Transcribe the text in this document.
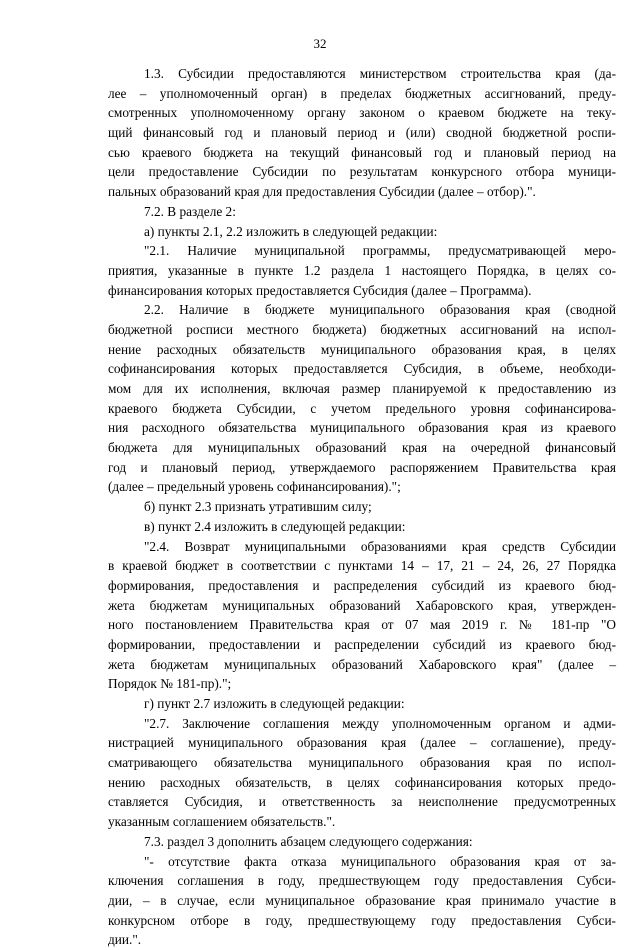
32
1.3. Субсидии предоставляются министерством строительства края (да-
лее – уполномоченный орган) в пределах бюджетных ассигнований, преду-
смотренных уполномоченному органу законом о краевом бюджете на теку-
щий финансовый год и плановый период и (или) сводной бюджетной роспи-
сью краевого бюджета на текущий финансовый год и плановый период на
цели предоставление Субсидии по результатам конкурсного отбора муници-
пальных образований края для предоставления Субсидии (далее – отбор).".
7.2. В разделе 2:
а) пункты 2.1, 2.2 изложить в следующей редакции:
"2.1. Наличие муниципальной программы, предусматривающей меро-
приятия, указанные в пункте 1.2 раздела 1 настоящего Порядка, в целях со-
финансирования которых предоставляется Субсидия (далее – Программа).
2.2. Наличие в бюджете муниципального образования края (сводной
бюджетной росписи местного бюджета) бюджетных ассигнований на испол-
нение расходных обязательств муниципального образования края, в целях
софинансирования которых предоставляется Субсидия, в объеме, необходи-
мом для их исполнения, включая размер планируемой к предоставлению из
краевого бюджета Субсидии, с учетом предельного уровня софинансирова-
ния расходного обязательства муниципального образования края из краевого
бюджета для муниципальных образований края на очередной финансовый
год и плановый период, утверждаемого распоряжением Правительства края
(далее – предельный уровень софинансирования).";
б) пункт 2.3 признать утратившим силу;
в) пункт 2.4 изложить в следующей редакции:
"2.4. Возврат муниципальными образованиями края средств Субсидии
в краевой бюджет в соответствии с пунктами 14 – 17, 21 – 24, 26, 27 Порядка
формирования, предоставления и распределения субсидий из краевого бюд-
жета бюджетам муниципальных образований Хабаровского края, утвержден-
ного постановлением Правительства края от 07 мая 2019 г. № 181-пр "О
формировании, предоставлении и распределении субсидий из краевого бюд-
жета бюджетам муниципальных образований Хабаровского края" (далее –
Порядок № 181-пр).";
г) пункт 2.7 изложить в следующей редакции:
"2.7. Заключение соглашения между уполномоченным органом и адми-
нистрацией муниципального образования края (далее – соглашение), преду-
сматривающего обязательства муниципального образования края по испол-
нению расходных обязательств, в целях софинансирования которых предо-
ставляется Субсидия, и ответственность за неисполнение предусмотренных
указанным соглашением обязательств.".
7.3. раздел 3 дополнить абзацем следующего содержания:
"- отсутствие факта отказа муниципального образования края от за-
ключения соглашения в году, предшествующем году предоставления Субси-
дии, – в случае, если муниципальное образование края принимало участие в
конкурсном отборе в году, предшествующему году предоставления Субси-
дии.".
